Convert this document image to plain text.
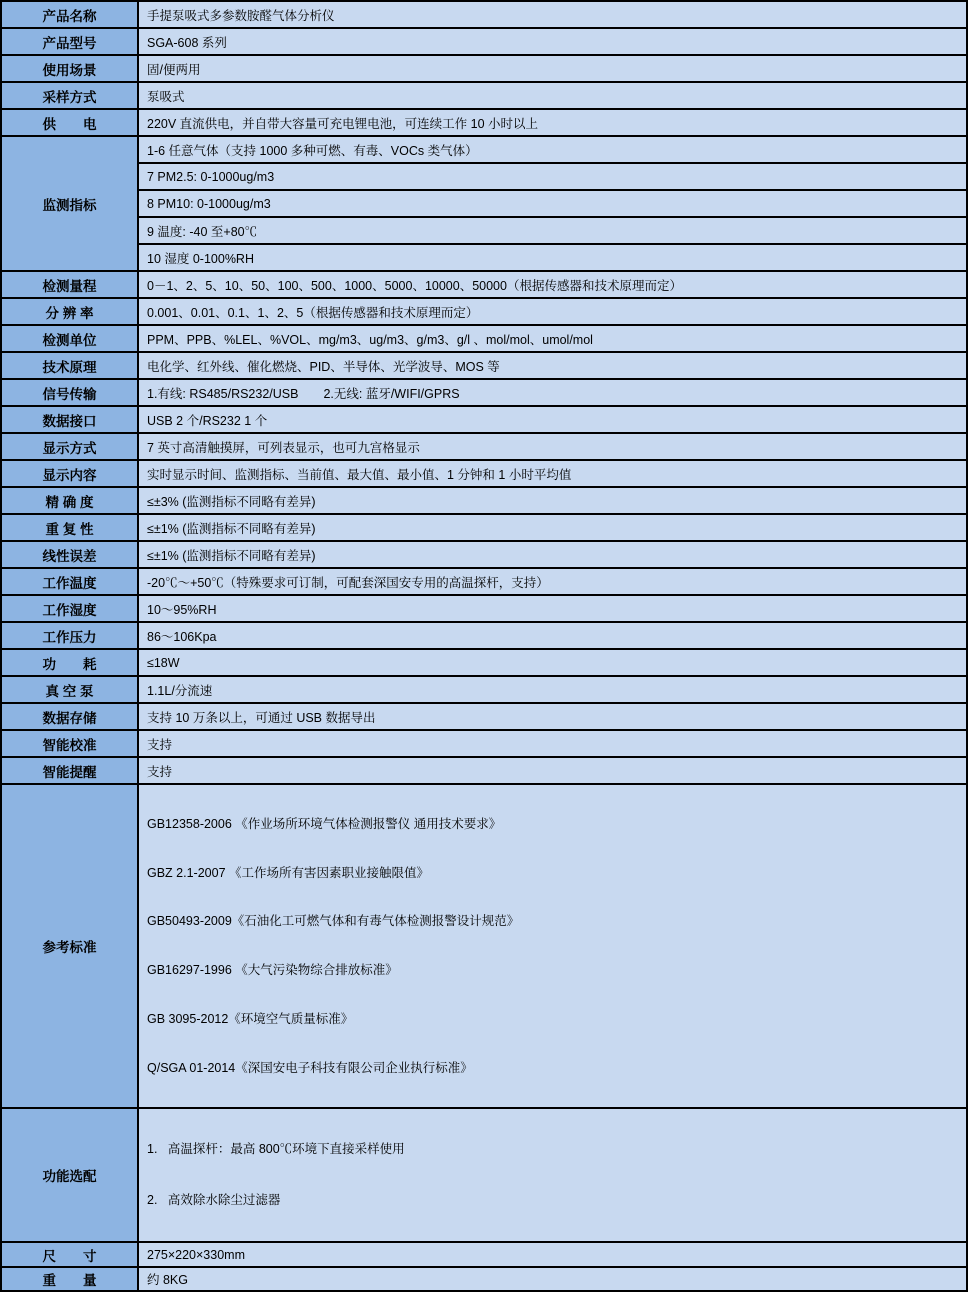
产品名称	手提泵吸式多参数胺醛气体分析仪
产品型号	SGA-608 系列
使用场景	固/便两用
采样方式	泵吸式
供　　电	220V 直流供电，并自带大容量可充电锂电池，可连续工作 10 小时以上
监测指标	1-6 任意气体（支持 1000 多种可燃、有毒、VOCs 类气体）
	7 PM2.5: 0-1000ug/m3
	8 PM10: 0-1000ug/m3
	9 温度: -40 至+80℃
	10 湿度 0-100%RH
检测量程	0－1、2、5、10、50、100、500、1000、5000、10000、50000（根据传感器和技术原理而定）
分 辨 率	0.001、0.01、0.1、1、2、5（根据传感器和技术原理而定）
检测单位	PPM、PPB、%LEL、%VOL、mg/m3、ug/m3、g/m3、g/l 、mol/mol、umol/mol
技术原理	电化学、红外线、催化燃烧、PID、半导体、光学波导、MOS 等
信号传输	1.有线: RS485/RS232/USB　　2.无线: 蓝牙/WIFI/GPRS
数据接口	USB 2 个/RS232 1 个
显示方式	7 英寸高清触摸屏，可列表显示，也可九宫格显示
显示内容	实时显示时间、监测指标、当前值、最大值、最小值、1 分钟和 1 小时平均值
精 确 度	≤±3% (监测指标不同略有差异)
重 复 性	≤±1% (监测指标不同略有差异)
线性误差	≤±1% (监测指标不同略有差异)
工作温度	-20℃～+50℃（特殊要求可订制，可配套深国安专用的高温探杆，支持）
工作湿度	10～95%RH
工作压力	86～106Kpa
功　　耗	≤18W
真 空 泵	1.1L/分流速
数据存储	支持 10 万条以上，可通过 USB 数据导出
智能校准	支持
智能提醒	支持
参考标准	

GB12358-2006 《作业场所环境气体检测报警仪 通用技术要求》

GBZ 2.1-2007 《工作场所有害因素职业接触限值》

GB50493-2009《石油化工可燃气体和有毒气体检测报警设计规范》

GB16297-1996 《大气污染物综合排放标准》

GB 3095-2012《环境空气质量标准》

Q/SGA 01-2014《深国安电子科技有限公司企业执行标准》

功能选配	1.   高温探杆：最高 800℃环境下直接采样使用

2.   高效除水除尘过滤器

尺　　寸	275×220×330mm
重　　量	约 8KG
